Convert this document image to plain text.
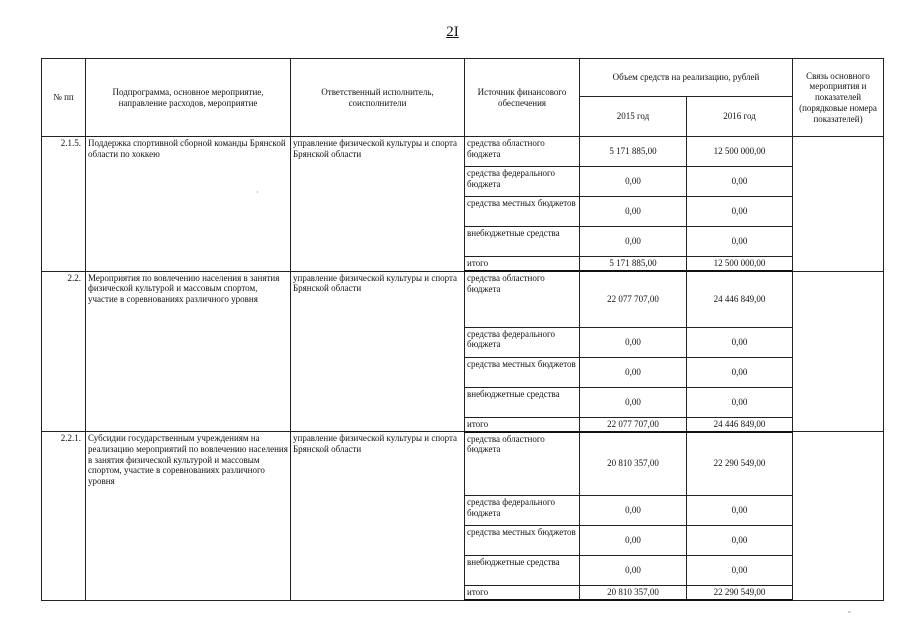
2I
№ пп	Подпрограмма, основное мероприятие, направление расходов, мероприятие	Ответственный исполнитель, соисполнители	Источник финансового обеспечения	Объем средств на реализацию, рублей		Связь основного мероприятия и показателей (порядковые номера показателей)
				2015 год	2016 год	
2.1.5.	Поддержка спортивной сборной команды Брянской области по хоккею	управление физической культуры и спорта Брянской области	средства областного бюджета	5 171 885,00	12 500 000,00	
			средства федерального бюджета	0,00	0,00	
			средства местных бюджетов	0,00	0,00	
			внебюджетные средства	0,00	0,00	
			итого	5 171 885,00	12 500 000,00	
2.2.	Мероприятия по вовлечению населения в занятия физической культурой и массовым спортом, участие в соревнованиях различного уровня	управление физической культуры и спорта Брянской области	средства областного бюджета	22 077 707,00	24 446 849,00	
			средства федерального бюджета	0,00	0,00	
			средства местных бюджетов	0,00	0,00	
			внебюджетные средства	0,00	0,00	
			итого	22 077 707,00	24 446 849,00	
2.2.1.	Субсидии государственным учреждениям на реализацию мероприятий по вовлечению населения в занятия физической культурой и массовым спортом, участие в соревнованиях различного уровня	управление физической культуры и спорта Брянской области	средства областного бюджета	20 810 357,00	22 290 549,00	
			средства федерального бюджета	0,00	0,00	
			средства местных бюджетов	0,00	0,00	
			внебюджетные средства	0,00	0,00	
			итого	20 810 357,00	22 290 549,00	
·
ˇ
